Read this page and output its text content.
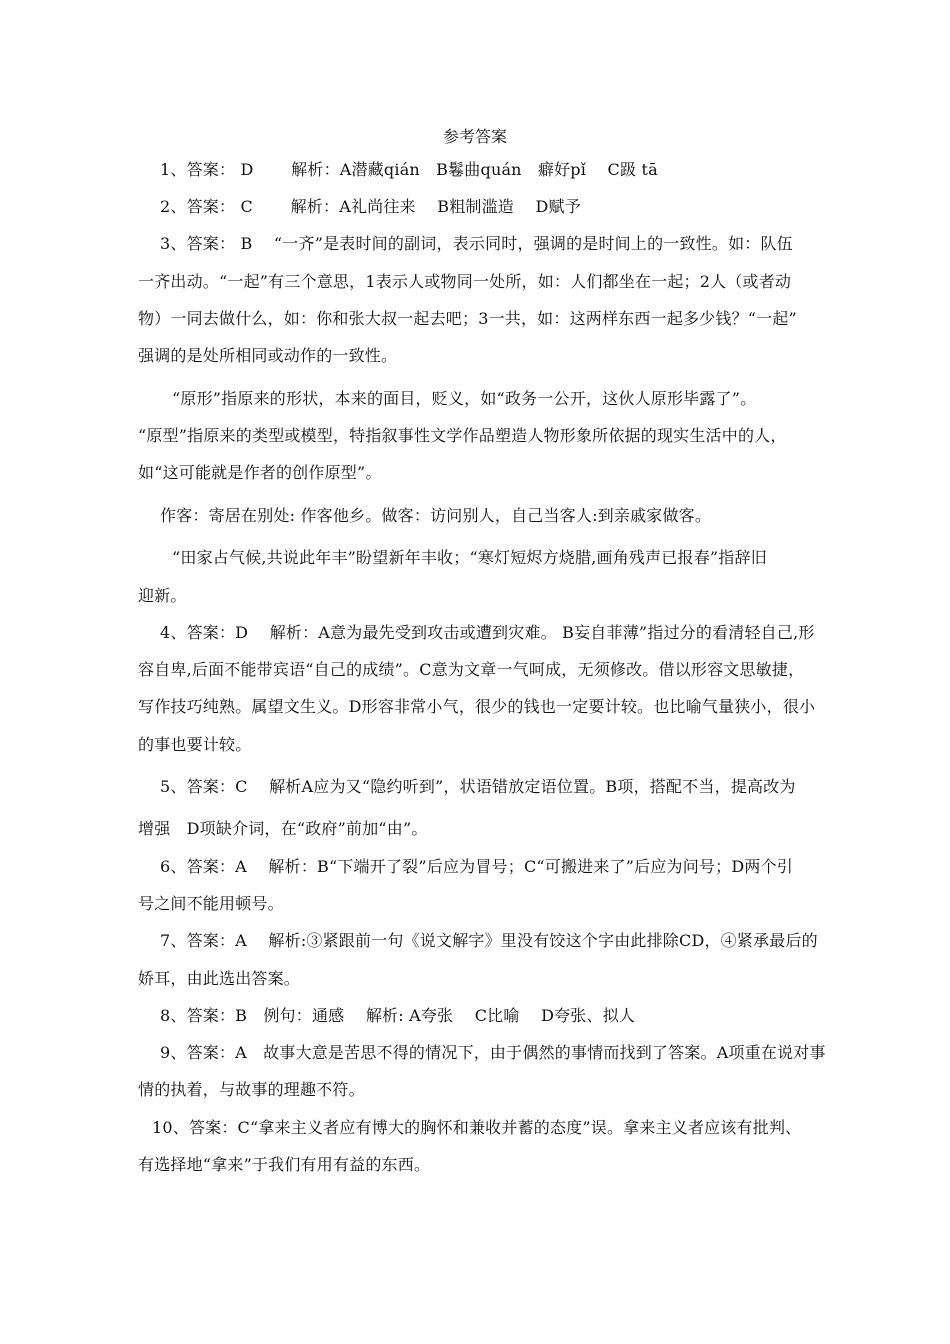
参考答案
1、答案： D　　 解析：A潜藏qián　B鬈曲quán　癖好pǐ　 C趿 tā
2、答案： C　　 解析：A礼尚往来　 B粗制滥造　 D赋予
3、答案： B　 “一齐”是表时间的副词，表示同时，强调的是时间上的一致性。如：队伍
一齐出动。“一起”有三个意思，1表示人或物同一处所，如：人们都坐在一起；2人（或者动
物）一同去做什么，如：你和张大叔一起去吧；3一共，如：这两样东西一起多少钱？“一起”
强调的是处所相同或动作的一致性。
“原形”指原来的形状，本来的面目，贬义，如“政务一公开，这伙人原形毕露了”。
“原型”指原来的类型或模型，特指叙事性文学作品塑造人物形象所依据的现实生活中的人，
如“这可能就是作者的创作原型”。
作客：寄居在别处: 作客他乡。做客：访问别人，自己当客人:到亲戚家做客。
“田家占气候,共说此年丰”盼望新年丰收；“寒灯短烬方烧腊,画角残声已报春”指辞旧
迎新。
4、答案：D　 解析：A意为最先受到攻击或遭到灾难。 B妄自菲薄”指过分的看清轻自己,形
容自卑,后面不能带宾语“自己的成绩”。C意为文章一气呵成，无须修改。借以形容文思敏捷，
写作技巧纯熟。属望文生义。D形容非常小气，很少的钱也一定要计较。也比喻气量狭小，很小
的事也要计较。
5、答案：C　 解析A应为又“隐约听到”，状语错放定语位置。B项，搭配不当，提高改为
增强　D项缺介词，在“政府”前加“由”。
6、答案：A　 解析：B“下端开了裂”后应为冒号；C“可搬进来了”后应为问号；D两个引
号之间不能用顿号。
7、答案：A　 解析:③紧跟前一句《说文解字》里没有饺这个字由此排除CD，④紧承最后的
娇耳，由此选出答案。
8、答案：B　例句：通感　 解析: A夸张　 C比喻　 D夸张、拟人
9、答案：A　故事大意是苦思不得的情况下，由于偶然的事情而找到了答案。A项重在说对事
情的执着，与故事的理趣不符。
10、答案：C“拿来主义者应有博大的胸怀和兼收并蓄的态度”误。拿来主义者应该有批判、
有选择地“拿来”于我们有用有益的东西。
